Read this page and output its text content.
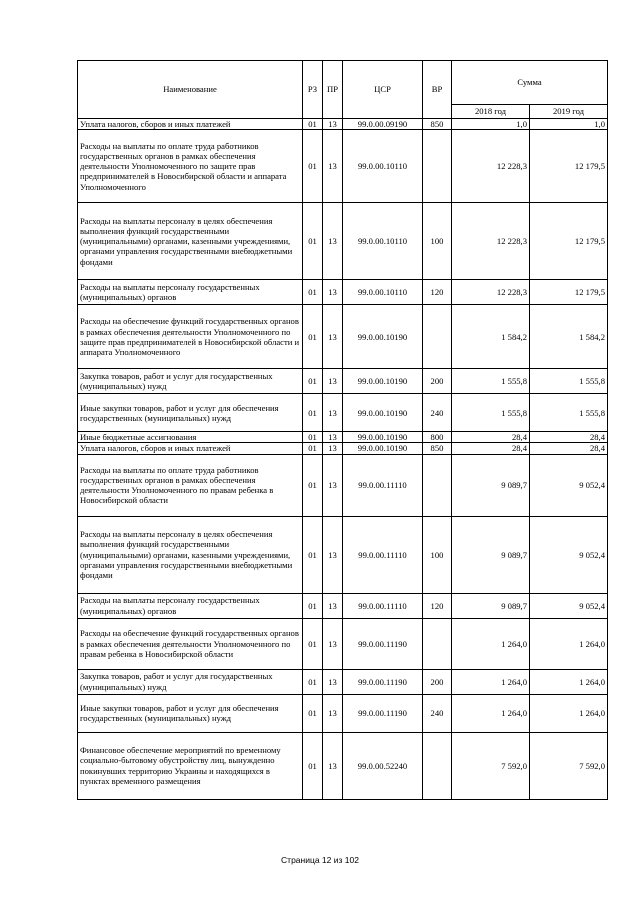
Наименование	РЗ	ПР	ЦСР	ВР	Сумма	
					2018 год	2019 год
Уплата налогов, сборов и иных платежей	01	13	99.0.00.09190	850	1,0	1,0
Расходы на выплаты по оплате труда работников государственных органов в рамках обеспечения деятельности Уполномоченного по защите прав предпринимателей в Новосибирской области и аппарата Уполномоченного	01	13	99.0.00.10110		12 228,3	12 179,5
Расходы на выплаты персоналу в целях обеспечения выполнения функций государственными (муниципальными) органами, казенными учреждениями, органами управления государственными внебюджетными фондами	01	13	99.0.00.10110	100	12 228,3	12 179,5
Расходы на выплаты персоналу государственных (муниципальных) органов	01	13	99.0.00.10110	120	12 228,3	12 179,5
Расходы на обеспечение функций государственных органов в рамках обеспечения деятельности Уполномоченного по защите прав предпринимателей в Новосибирской области и аппарата Уполномоченного	01	13	99.0.00.10190		1 584,2	1 584,2
Закупка товаров, работ и услуг для государственных (муниципальных) нужд	01	13	99.0.00.10190	200	1 555,8	1 555,8
Иные закупки товаров, работ и услуг для обеспечения государственных (муниципальных) нужд	01	13	99.0.00.10190	240	1 555,8	1 555,8
Иные бюджетные ассигнования	01	13	99.0.00.10190	800	28,4	28,4
Уплата налогов, сборов и иных платежей	01	13	99.0.00.10190	850	28,4	28,4
Расходы на выплаты по оплате труда работников государственных органов в рамках обеспечения деятельности Уполномоченного по правам ребенка в Новосибирской области	01	13	99.0.00.11110		9 089,7	9 052,4
Расходы на выплаты персоналу в целях обеспечения выполнения функций государственными (муниципальными) органами, казенными учреждениями, органами управления государственными внебюджетными фондами	01	13	99.0.00.11110	100	9 089,7	9 052,4
Расходы на выплаты персоналу государственных (муниципальных) органов	01	13	99.0.00.11110	120	9 089,7	9 052,4
Расходы на обеспечение функций государственных органов в рамках обеспечения деятельности Уполномоченного по правам ребенка в Новосибирской области	01	13	99.0.00.11190		1 264,0	1 264,0
Закупка товаров, работ и услуг для государственных (муниципальных) нужд	01	13	99.0.00.11190	200	1 264,0	1 264,0
Иные закупки товаров, работ и услуг для обеспечения государственных (муниципальных) нужд	01	13	99.0.00.11190	240	1 264,0	1 264,0
Финансовое обеспечение мероприятий по временному социально-бытовому обустройству лиц, вынужденно покинувших территорию Украины и находящихся в пунктах временного размещения	01	13	99.0.00.52240		7 592,0	7 592,0
Страница 12 из 102
